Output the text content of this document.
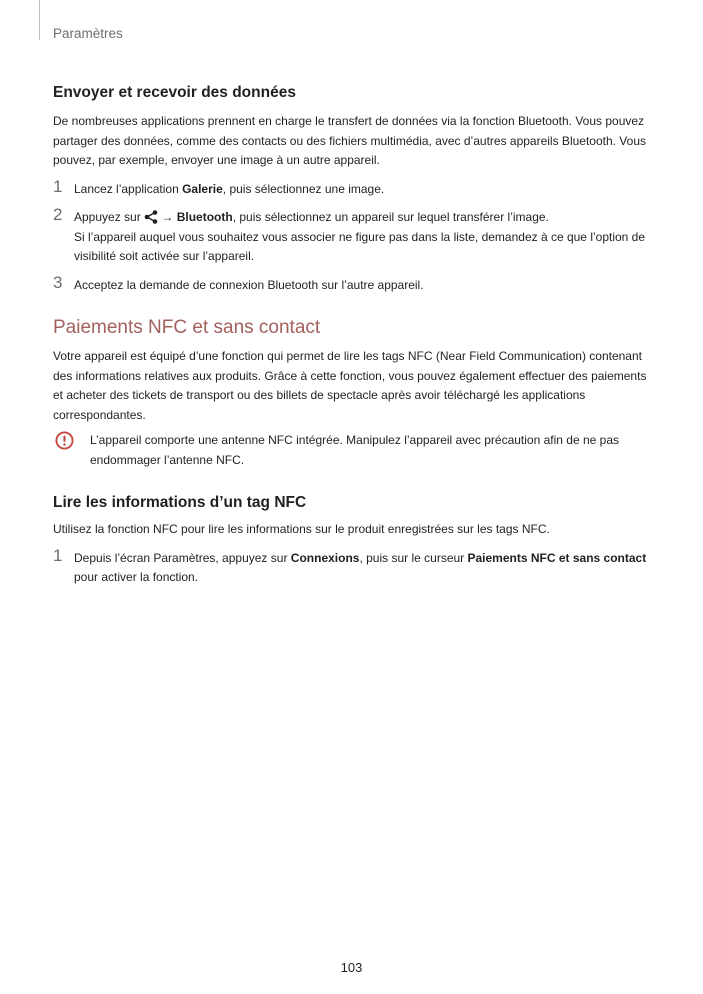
Paramètres
Envoyer et recevoir des données

De nombreuses applications prennent en charge le transfert de données via la fonction Bluetooth. Vous pouvez partager des données, comme des contacts ou des fichiers multimédia, avec d’autres appareils Bluetooth. Vous pouvez, par exemple, envoyer une image à un autre appareil.

1 Lancez l’application Galerie, puis sélectionnez une image.
2 Appuyez sur  → Bluetooth, puis sélectionnez un appareil sur lequel transférer l’image.
Si l’appareil auquel vous souhaitez vous associer ne figure pas dans la liste, demandez à ce que l’option de visibilité soit activée sur l’appareil.
3 Acceptez la demande de connexion Bluetooth sur l’autre appareil.
Paiements NFC et sans contact

Votre appareil est équipé d’une fonction qui permet de lire les tags NFC (Near Field Communication) contenant des informations relatives aux produits. Grâce à cette fonction, vous pouvez également effectuer des paiements et acheter des tickets de transport ou des billets de spectacle après avoir téléchargé les applications correspondantes.

L’appareil comporte une antenne NFC intégrée. Manipulez l’appareil avec précaution afin de ne pas endommager l’antenne NFC.
Lire les informations d’un tag NFC

Utilisez la fonction NFC pour lire les informations sur le produit enregistrées sur les tags NFC.

1 Depuis l’écran Paramètres, appuyez sur Connexions, puis sur le curseur Paiements NFC et sans contact pour activer la fonction.
103
